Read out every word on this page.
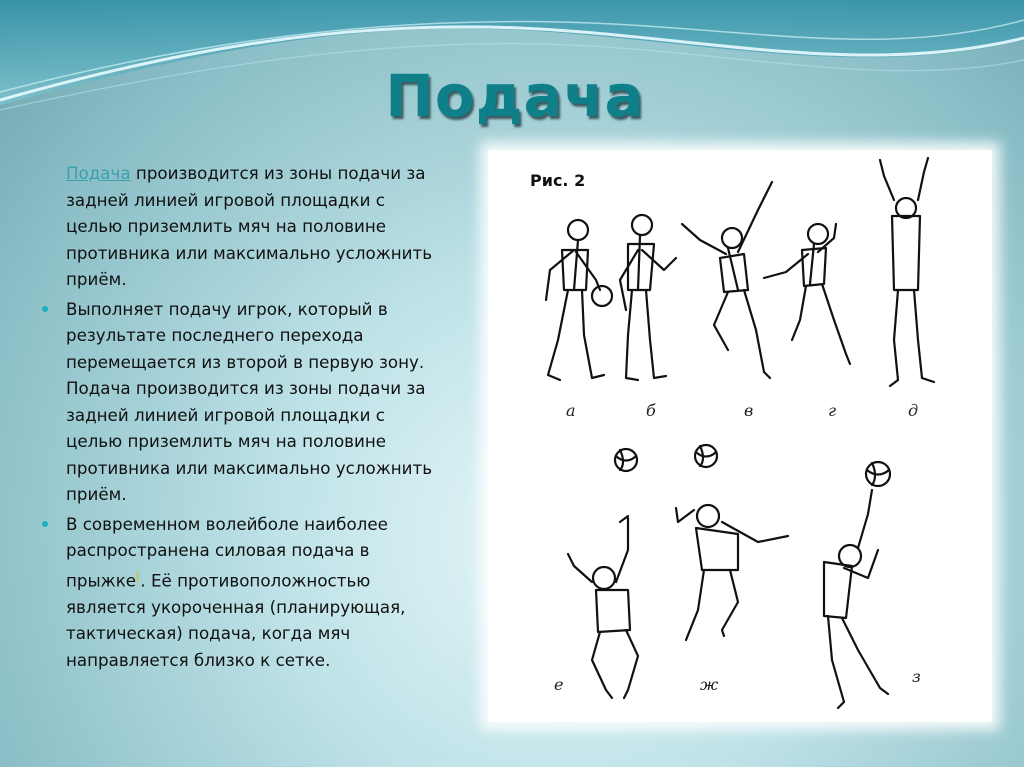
Подача
Подача производится из зоны подачи за задней линией игровой площадки с целью приземлить мяч на половине противника или максимально усложнить приём.
Выполняет подачу игрок, который в результате последнего перехода перемещается из второй в первую зону. Подача производится из зоны подачи за задней линией игровой площадки с целью приземлить мяч на половине противника или максимально усложнить приём.
В современном волейболе наиболее распространена силовая подача в прыжке[. Её противоположностью является укороченная (планирующая, тактическая) подача, когда мяч направляется близко к сетке.
Рис. 2
а	б	в	г	д
е	ж	з
